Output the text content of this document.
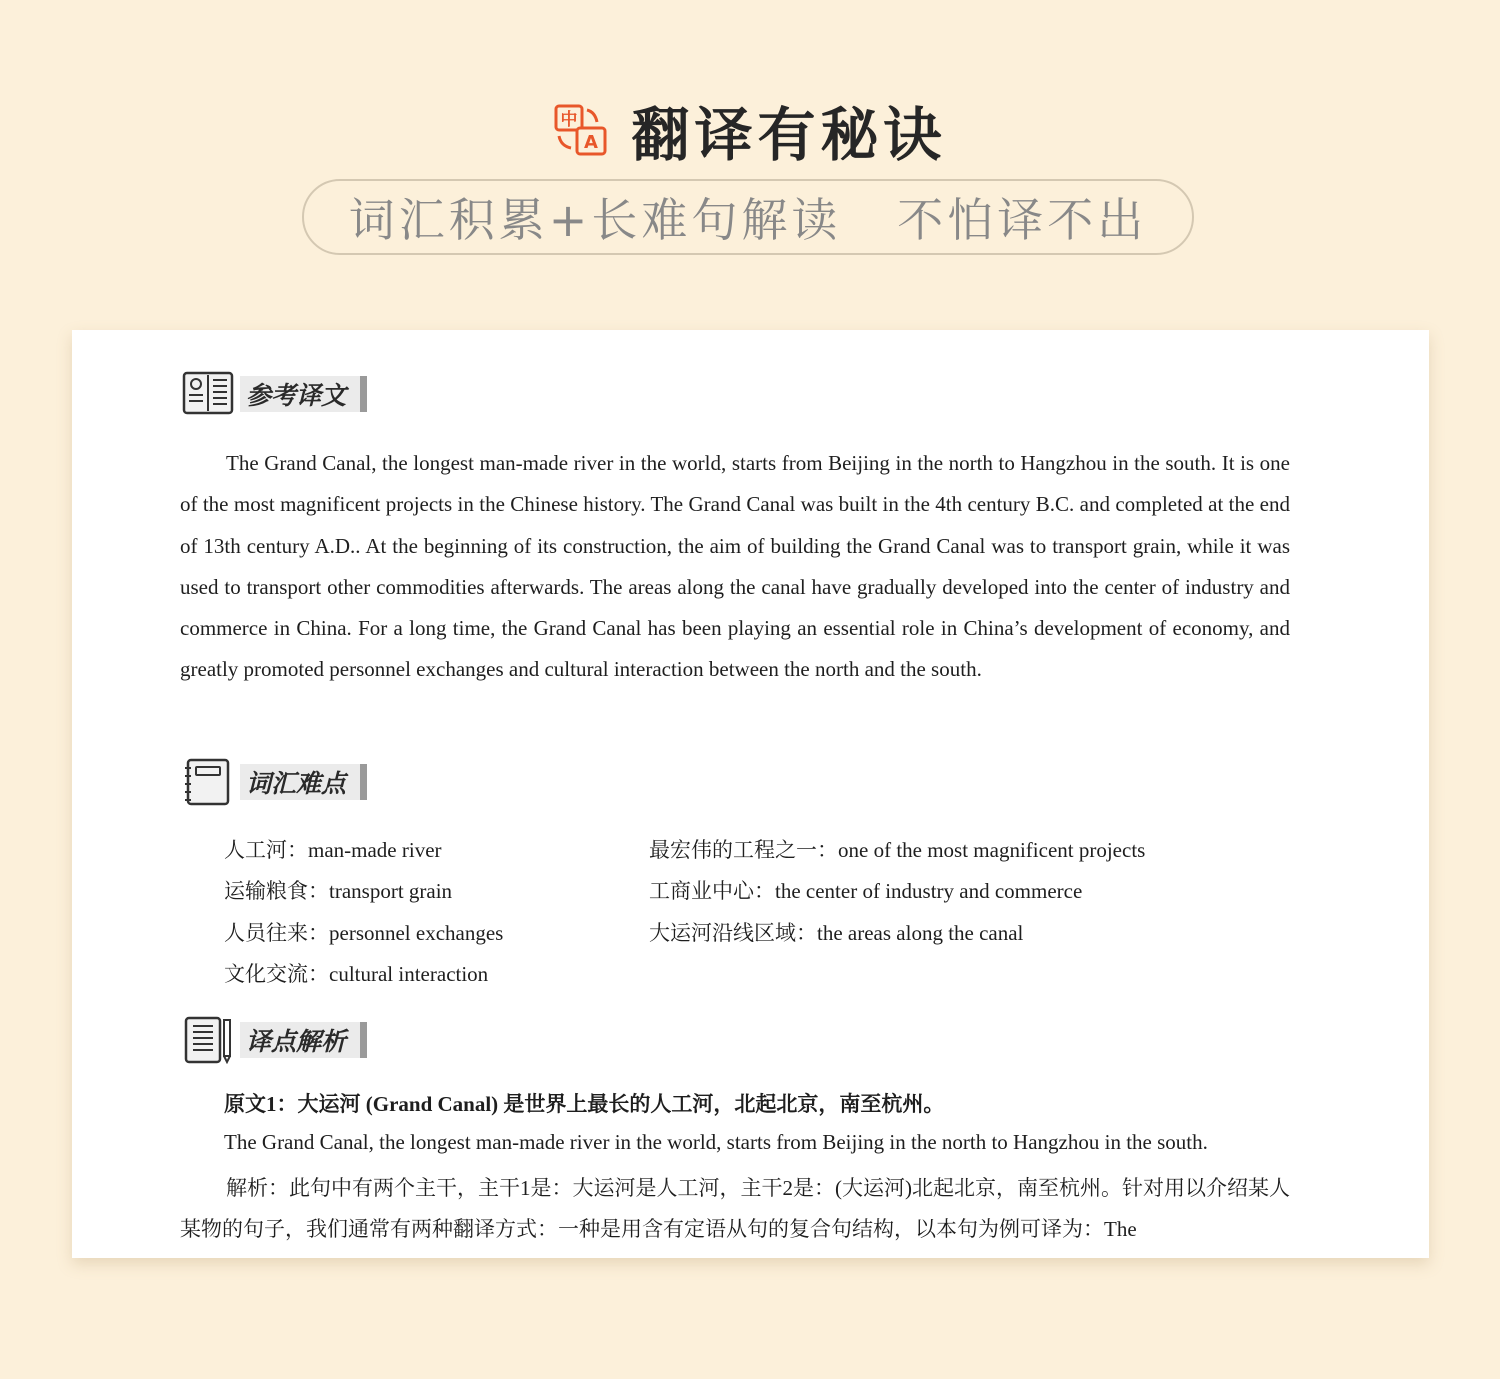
中
A 翻译有秘诀
词汇积累+长难句解读
不怕译不出
参考译文

The Grand Canal, the longest man-made river in the world, starts from Beijing in the north to Hangzhou in the south. It is one of the most magnificent projects in the Chinese history. The Grand Canal was built in the 4th century B.C. and completed at the end of 13th century A.D.. At the beginning of its construction, the aim of building the Grand Canal was to transport grain, while it was used to transport other commodities afterwards. The areas along the canal have gradually developed into the center of industry and commerce in China. For a long time, the Grand Canal has been playing an essential role in China’s development of economy, and greatly promoted personnel exchanges and cultural interaction between the north and the south.

词汇难点
人工河：man-made river	最宏伟的工程之一：one of the most magnificent projects
运输粮食：transport grain	工商业中心：the center of industry and commerce
人员往来：personnel exchanges	大运河沿线区域：the areas along the canal
文化交流：cultural interaction
译点解析
原文1：大运河 (Grand Canal) 是世界上最长的人工河，北起北京，南至杭州。
The Grand Canal, the longest man-made river in the world, starts from Beijing in the north to Hangzhou in the south.

解析：此句中有两个主干，主干1是：大运河是人工河，主干2是：(大运河)北起北京，南至杭州。针对用以介绍某人某物的句子，我们通常有两种翻译方式：一种是用含有定语从句的复合句结构，以本句为例可译为：The
